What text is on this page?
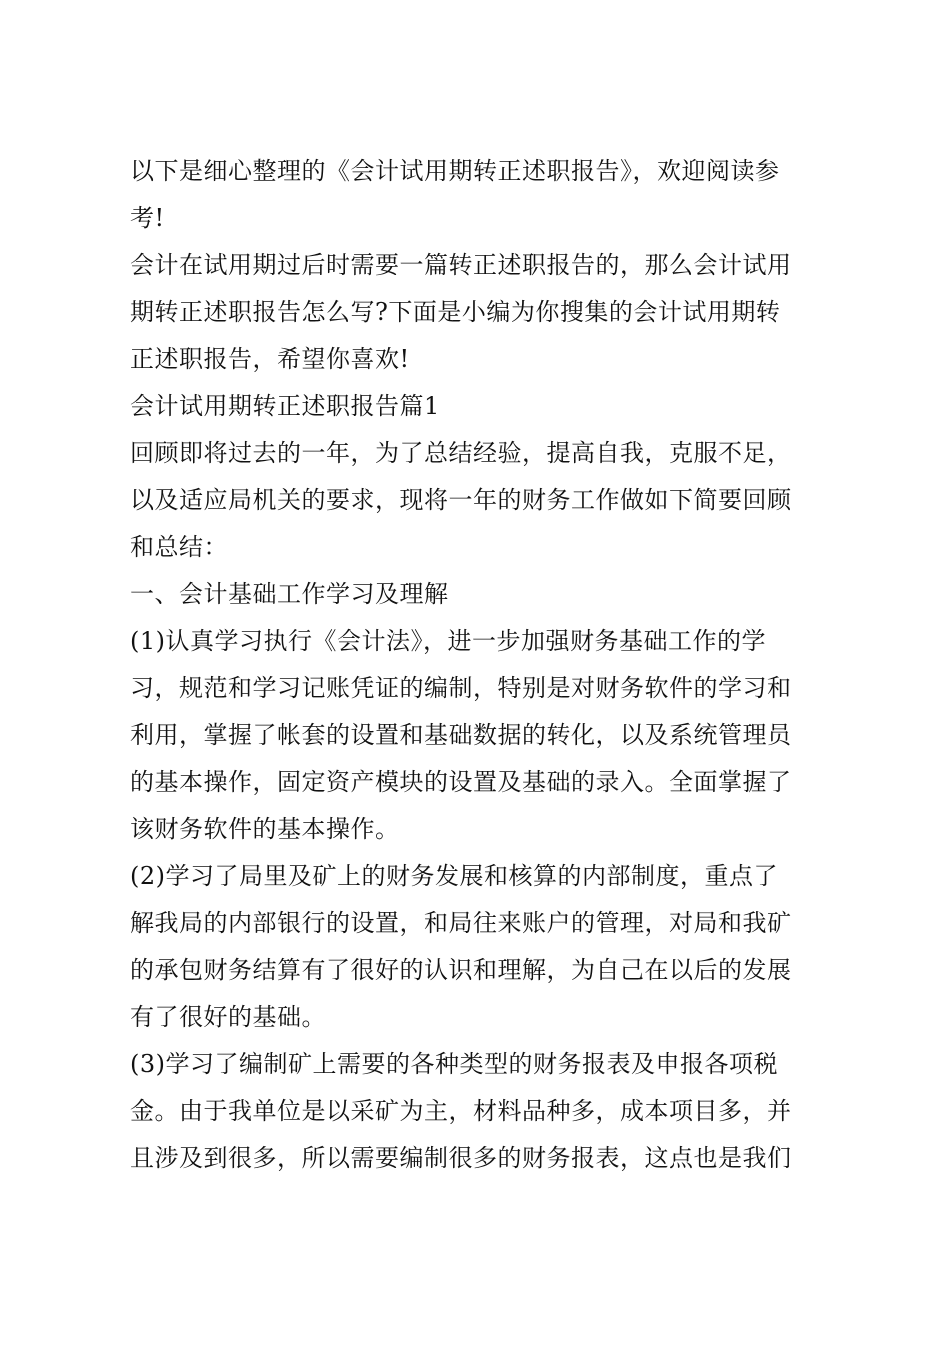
以下是细心整理的《会计试用期转正述职报告》，欢迎阅读参
考!
会计在试用期过后时需要一篇转正述职报告的，那么会计试用
期转正述职报告怎么写?下面是小编为你搜集的会计试用期转
正述职报告，希望你喜欢!
会计试用期转正述职报告篇1
回顾即将过去的一年，为了总结经验，提高自我，克服不足，
以及适应局机关的要求，现将一年的财务工作做如下简要回顾
和总结：
一、会计基础工作学习及理解
(1)认真学习执行《会计法》，进一步加强财务基础工作的学
习，规范和学习记账凭证的编制，特别是对财务软件的学习和
利用，掌握了帐套的设置和基础数据的转化，以及系统管理员
的基本操作，固定资产模块的设置及基础的录入。全面掌握了
该财务软件的基本操作。
(2)学习了局里及矿上的财务发展和核算的内部制度，重点了
解我局的内部银行的设置，和局往来账户的管理，对局和我矿
的承包财务结算有了很好的认识和理解，为自己在以后的发展
有了很好的基础。
(3)学习了编制矿上需要的各种类型的财务报表及申报各项税
金。由于我单位是以采矿为主，材料品种多，成本项目多，并
且涉及到很多，所以需要编制很多的财务报表，这点也是我们
